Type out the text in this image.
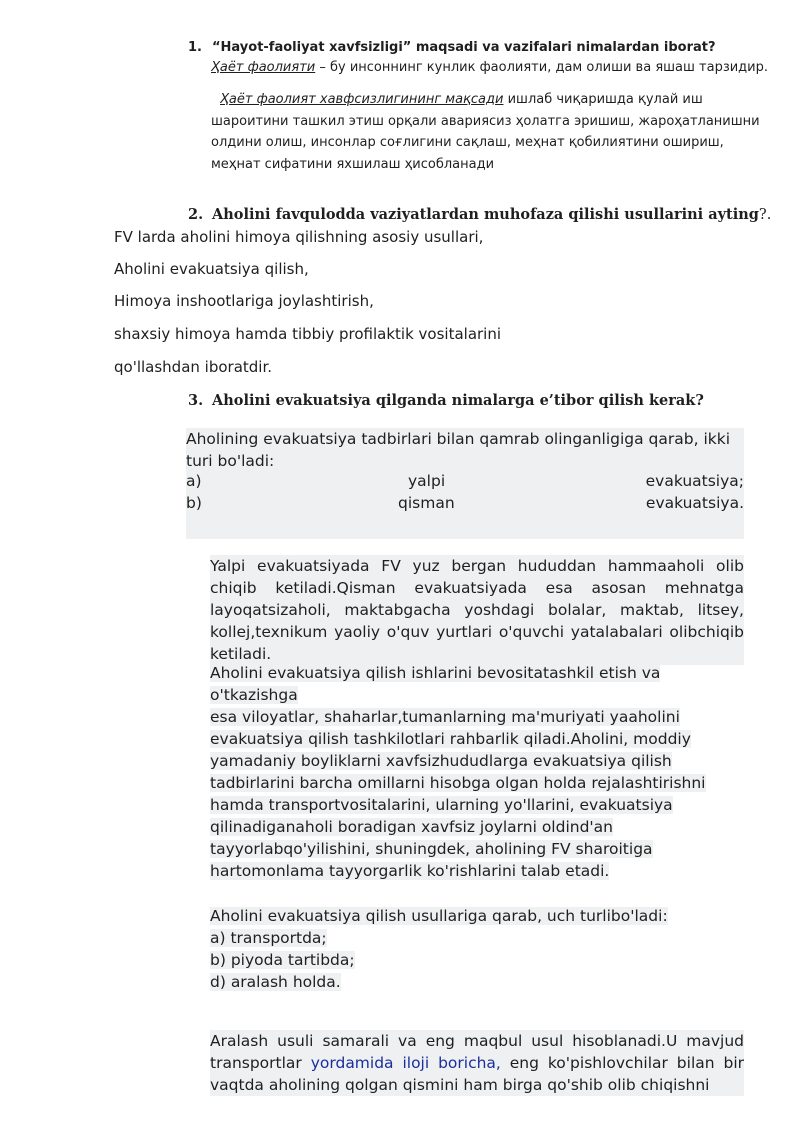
1. “Hayot-faoliyat xavfsizligi” maqsadi va vazifalari nimalardan iborat?
Ҳаёт фаолияти – бу инсоннинг кунлик фаолияти, дам олиши ва яшаш тарзидир.
Ҳаёт фаолият хавфсизлигининг мақсади ишлаб чиқаришда қулай иш шароитини ташкил этиш орқали авариясиз ҳолатга эришиш, жароҳатланишни олдини олиш, инсонлар соғлигини сақлаш, меҳнат қобилиятини ошириш, меҳнат сифатини яхшилаш ҳисобланади
2. Aholini favqulodda vaziyatlardan muhofaza qilishi usullarini ayting?.
FV larda aholini himoya qilishning asosiy usullari,
Aholini evakuatsiya qilish,
Himoya inshootlariga joylashtirish,
shaxsiy himoya hamda tibbiy profilaktik vositalarini
qo'llashdan iboratdir.
3. Aholini evakuatsiya qilganda nimalarga e’tibor qilish kerak?
Aholining evakuatsiya tadbirlari bilan qamrab olinganligiga qarab, ikki turi bo'ladi:
a)	yalpi	evakuatsiya;
b)	qisman	evakuatsiya.
Yalpi evakuatsiyada FV yuz bergan hududdan hammaaholi olib chiqib ketiladi.Qisman evakuatsiyada esa asosan mehnatga layoqatsizaholi, maktabgacha yoshdagi bolalar, maktab, litsey, kollej,texnikum yaoliy o'quv yurtlari o'quvchi yatalabalari olibchiqib ketiladi.
Aholini evakuatsiya qilish ishlarini bevositatashkil etish va o'tkazishga
esa viloyatlar, shaharlar,tumanlarning ma'muriyati yaaholini
evakuatsiya qilish tashkilotlari rahbarlik qiladi.Aholini, moddiy
yamadaniy boyliklarni xavfsizhududlarga evakuatsiya qilish
tadbirlarini barcha omillarni hisobga olgan holda rejalashtirishni
hamda transportvositalarini, ularning yo'llarini, evakuatsiya
qilinadiganaholi boradigan xavfsiz joylarni oldind'an
tayyorlabqo'yilishini, shuningdek, aholining FV sharoitiga
hartomonlama tayyorgarlik ko'rishlarini talab etadi.
Aholini evakuatsiya qilish usullariga qarab, uch turlibo'ladi:
a) transportda;
b) piyoda tartibda;
d) aralash holda.
Aralash usuli samarali va eng maqbul usul hisoblanadi.U mavjud transportlar yordamida iloji boricha, eng ko'pishlovchilar bilan bir vaqtda aholining qolgan qismini ham birga qo'shib olib chiqishni
